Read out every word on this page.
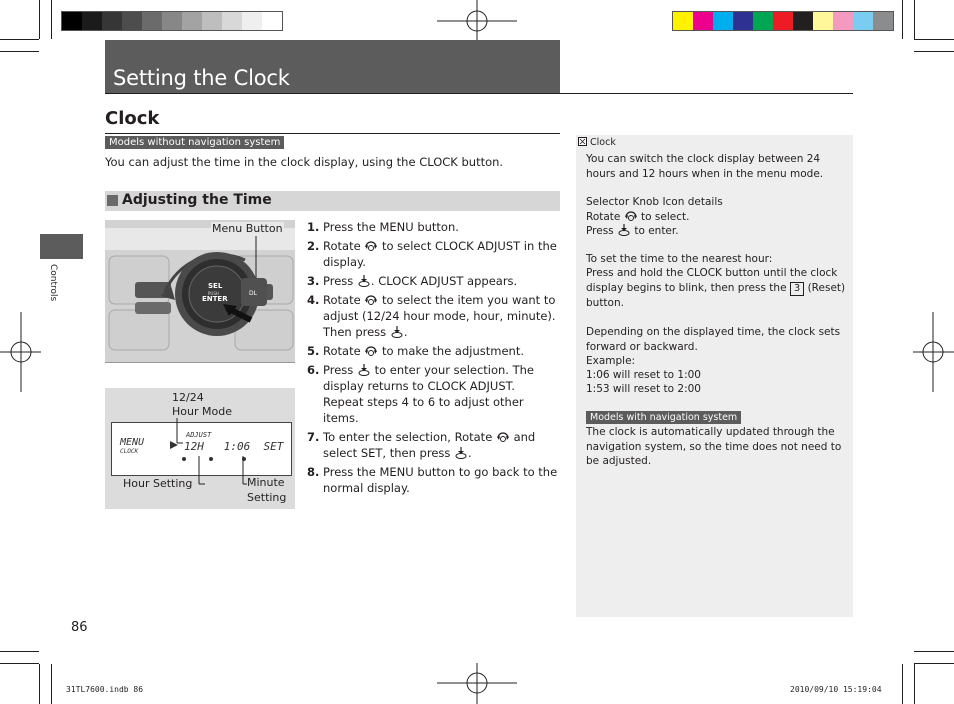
Setting the Clock
Clock
Models without navigation system
You can adjust the time in the clock display, using the CLOCK button.
Adjusting the Time
Controls	SEL
PUSH
ENTER
DL
Menu Button
MENU
CLOCK
ADJUST
12H   1:06  SET
12/24
Hour Mode
Hour Setting	Minute
Setting
1. Press the MENU button.
2. Rotate  to select CLOCK ADJUST in the display.
3. Press . CLOCK ADJUST appears.
4. Rotate  to select the item you want to adjust (12/24 hour mode, hour, minute). Then press .
5. Rotate  to make the adjustment.
6. Press  to enter your selection. The display returns to CLOCK ADJUST. Repeat steps 4 to 6 to adjust other items.
7. To enter the selection, Rotate  and select SET, then press .
8. Press the MENU button to go back to the normal display.
Clock
You can switch the clock display between 24 hours and 12 hours when in the menu mode.
Selector Knob Icon details
Rotate  to select.
Press  to enter.
To set the time to the nearest hour:
Press and hold the CLOCK button until the clock display begins to blink, then press the 3 (Reset) button.
Depending on the displayed time, the clock sets forward or backward.
Example:
1:06 will reset to 1:00
1:53 will reset to 2:00
Models with navigation system
The clock is automatically updated through the navigation system, so the time does not need to be adjusted.
86
31TL7600.indb 86	2010/09/10 15:19:04
